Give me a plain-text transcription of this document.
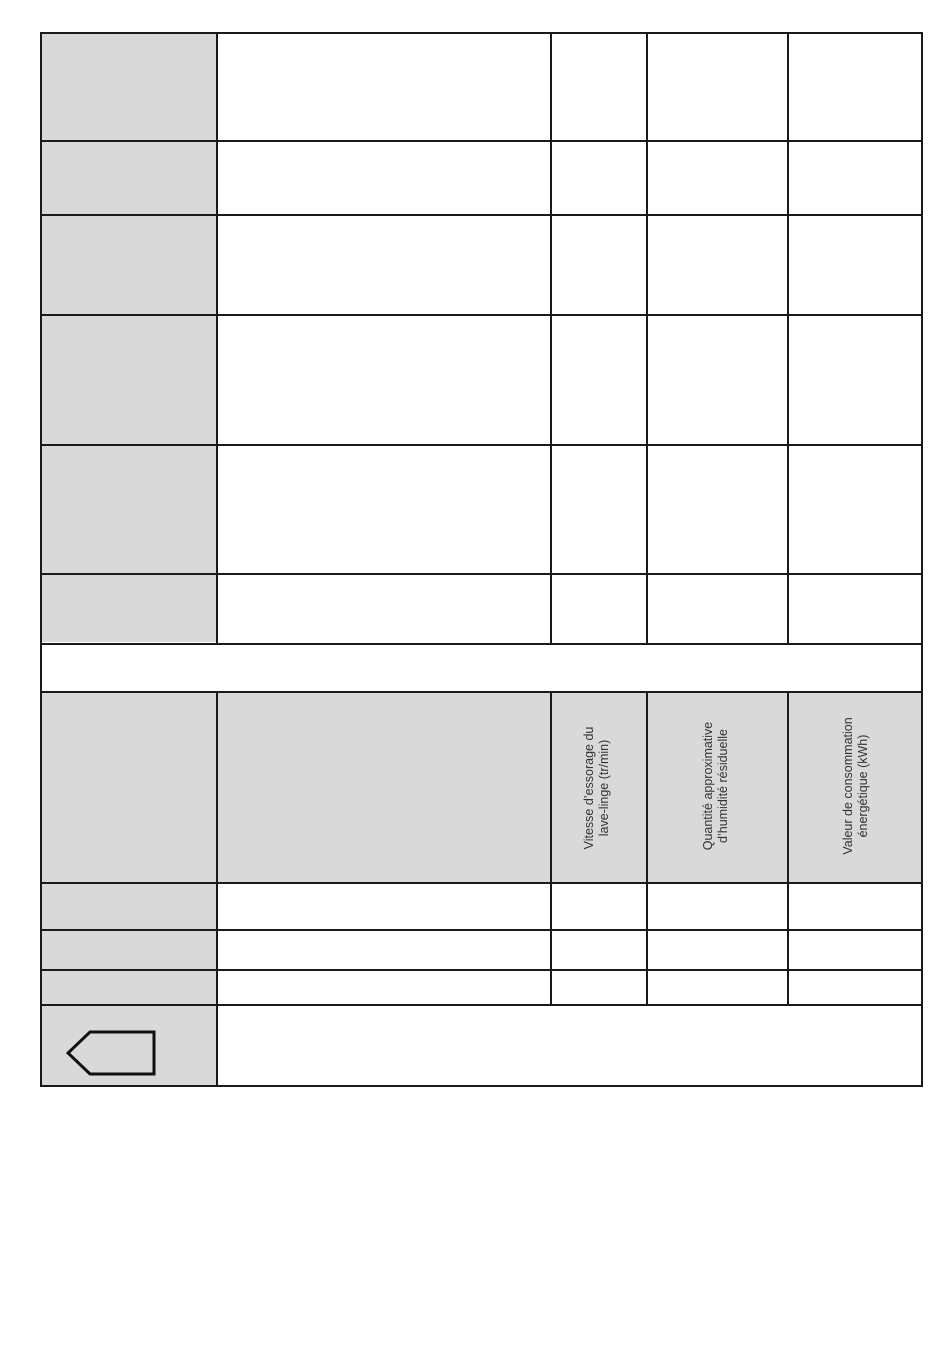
Vitesse d’essorage du lave-linge (tr/min)	Quantité approximative d’humidité résiduelle	Valeur de consommation énergétique (kWh)
